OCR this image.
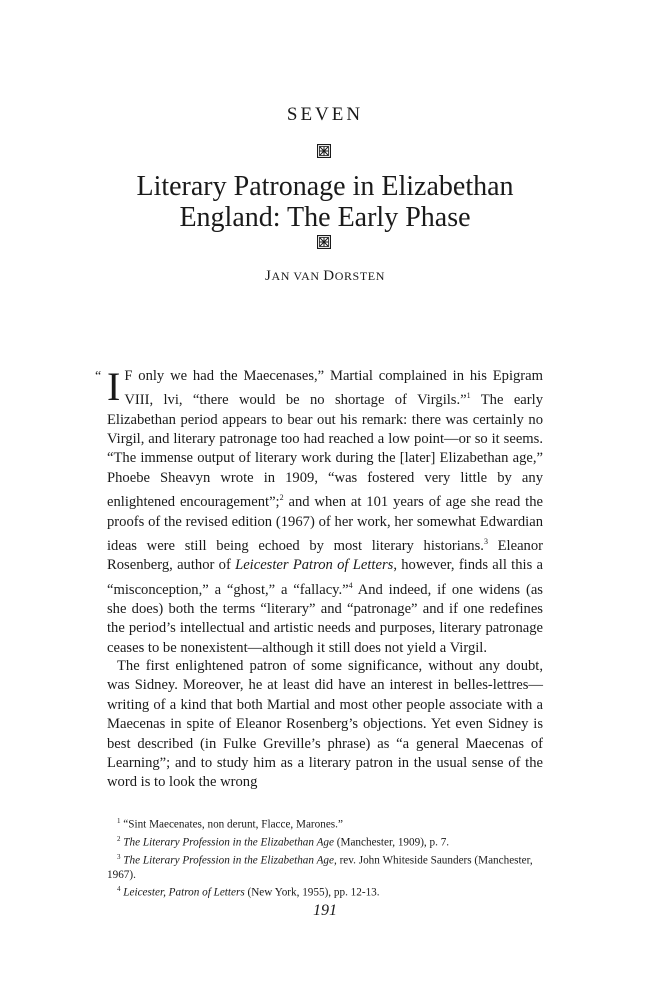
SEVEN
Literary Patronage in Elizabethan
England: The Early Phase
JAN VAN DORSTEN

“ I F only we had the Maecenases,” Martial complained in his Epigram VIII, lvi, “there would be no shortage of Virgils.”$^1$ The early Elizabethan period appears to bear out his remark: there was certainly no Virgil, and literary patronage too had reached a low point—or so it seems. “The immense output of literary work during the [later] Elizabethan age,” Phoebe Sheavyn wrote in 1909, “was fostered very little by any enlightened encouragement”;$^2$ and when at 101 years of age she read the proofs of the revised edition (1967) of her work, her somewhat Edwardian ideas were still being echoed by most literary historians.$^3$ Eleanor Rosenberg, author of Leicester Patron of Letters, however, finds all this a “misconception,” a “ghost,” a “fallacy.”$^4$ And indeed, if one widens (as she does) both the terms “literary” and “patronage” and if one redefines the period’s intellectual and artistic needs and purposes, literary patronage ceases to be nonexistent—although it still does not yield a Virgil.

The first enlightened patron of some significance, without any doubt, was Sidney. Moreover, he at least did have an interest in belles-lettres—writing of a kind that both Martial and most other people associate with a Maecenas in spite of Eleanor Rosenberg’s objections. Yet even Sidney is best described (in Fulke Greville’s phrase) as “a general Maecenas of Learning”; and to study him as a literary patron in the usual sense of the word is to look the wrong

$^1$ “Sint Maecenates, non derunt, Flacce, Marones.”

$^2$ The Literary Profession in the Elizabethan Age (Manchester, 1909), p. 7.

$^3$ The Literary Profession in the Elizabethan Age, rev. John Whiteside Saunders (Manchester, 1967).

$^4$ Leicester, Patron of Letters (New York, 1955), pp. 12-13.

191
